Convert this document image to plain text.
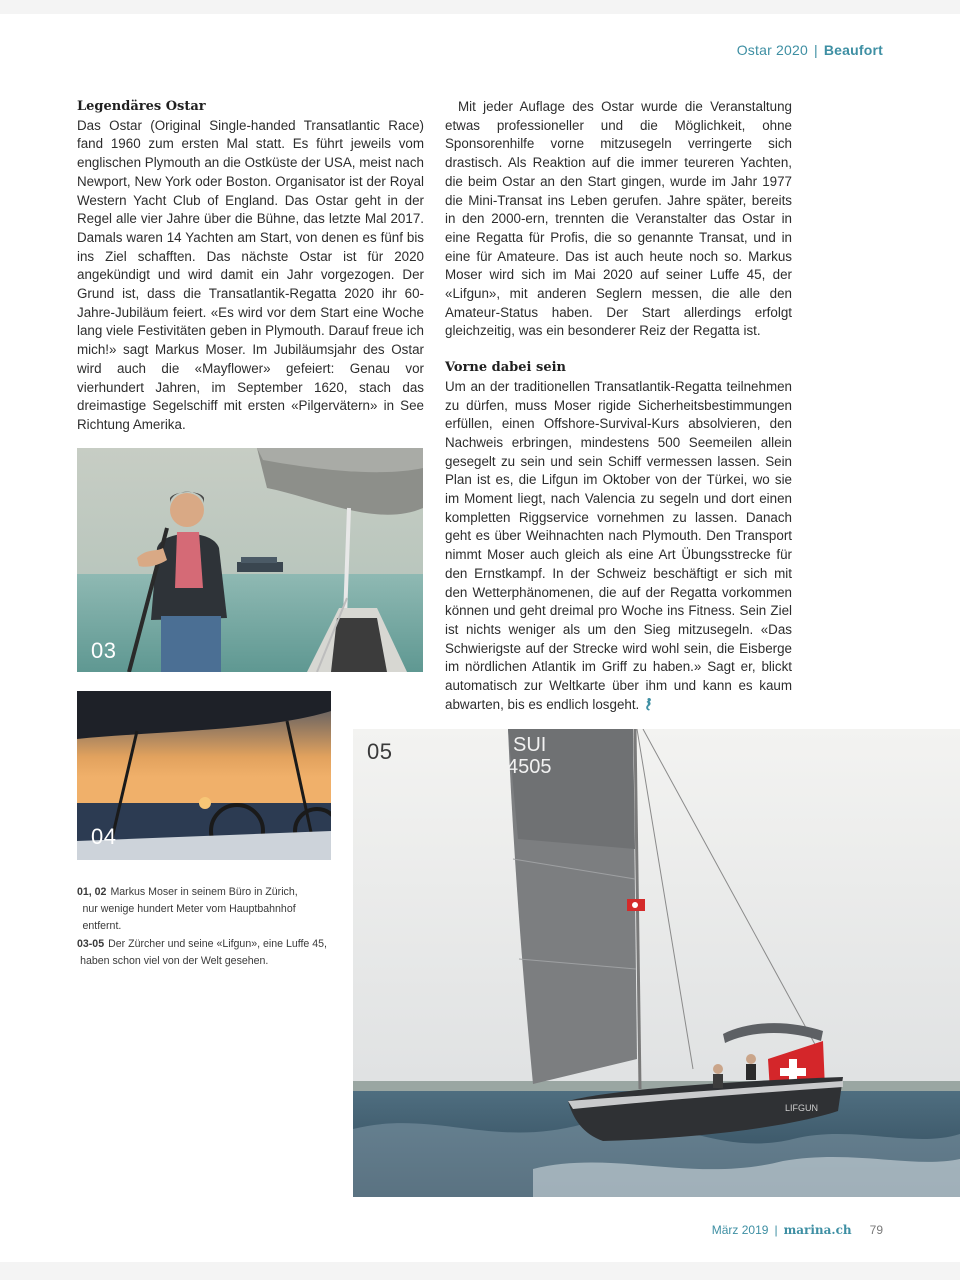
Ostar 2020 | Beaufort

Legendäres Ostar

Das Ostar (Original Single-handed Transatlantic Race) fand 1960 zum ersten Mal statt. Es führt jeweils vom englischen Plymouth an die Ostküste der USA, meist nach Newport, New York oder Boston. Organisator ist der Royal Western Yacht Club of England. Das Ostar geht in der Regel alle vier Jahre über die Bühne, das letzte Mal 2017. Damals waren 14 Yachten am Start, von denen es fünf bis ins Ziel schafften. Das nächste Ostar ist für 2020 angekündigt und wird damit ein Jahr vorgezogen. Der Grund ist, dass die Transatlantik-Regatta 2020 ihr 60-Jahre-Jubiläum feiert. «Es wird vor dem Start eine Woche lang viele Festivitäten geben in Plymouth. Darauf freue ich mich!» sagt Markus Moser. Im Jubiläumsjahr des Ostar wird auch die «Mayflower» gefeiert: Genau vor vierhundert Jahren, im September 1620, stach das dreimastige Segelschiff mit ersten «Pilgervätern» in See Richtung Amerika.

Mit jeder Auflage des Ostar wurde die Veranstaltung etwas professioneller und die Möglichkeit, ohne Sponsorenhilfe vorne mitzusegeln verringerte sich drastisch. Als Reaktion auf die immer teureren Yachten, die beim Ostar an den Start gingen, wurde im Jahr 1977 die Mini-Transat ins Leben gerufen. Jahre später, bereits in den 2000-ern, trennten die Veranstalter das Ostar in eine Regatta für Profis, die so genannte Transat, und in eine für Amateure. Das ist auch heute noch so. Markus Moser wird sich im Mai 2020 auf seiner Luffe 45, der «Lifgun», mit anderen Seglern messen, die alle den Amateur-Status haben. Der Start allerdings erfolgt gleichzeitig, was ein besonderer Reiz der Regatta ist.

Vorne dabei sein

Um an der traditionellen Transatlantik-Regatta teilnehmen zu dürfen, muss Moser rigide Sicherheitsbestimmungen erfüllen, einen Offshore-Survival-Kurs absolvieren, den Nachweis erbringen, mindestens 500 Seemeilen allein gesegelt zu sein und sein Schiff vermessen lassen. Sein Plan ist es, die Lifgun im Oktober von der Türkei, wo sie im Moment liegt, nach Valencia zu segeln und dort einen kompletten Riggservice vornehmen zu lassen. Danach geht es über Weihnachten nach Plymouth. Den Transport nimmt Moser auch gleich als eine Art Übungsstrecke für den Ernstkampf. In der Schweiz beschäftigt er sich mit den Wetterphänomenen, die auf der Regatta vorkommen können und geht dreimal pro Woche ins Fitness. Sein Ziel ist nichts weniger als um den Sieg mitzusegeln. «Das Schwierigste auf der Strecke wird wohl sein, die Eisberge im nördlichen Atlantik im Griff zu haben.» Sagt er, blickt automatisch zur Weltkarte über ihm und kann es kaum abwarten, bis es endlich losgeht.

03
04
SUI
4505
LIFGUN
05
01, 02 Markus Moser in seinem Büro in Zürich,
nur wenige hundert Meter vom Hauptbahnhof
entfernt.
03-05 Der Zürcher und seine «Lifgun», eine Luffe 45,
haben schon viel von der Welt gesehen.
März 2019 | marina.ch 79
